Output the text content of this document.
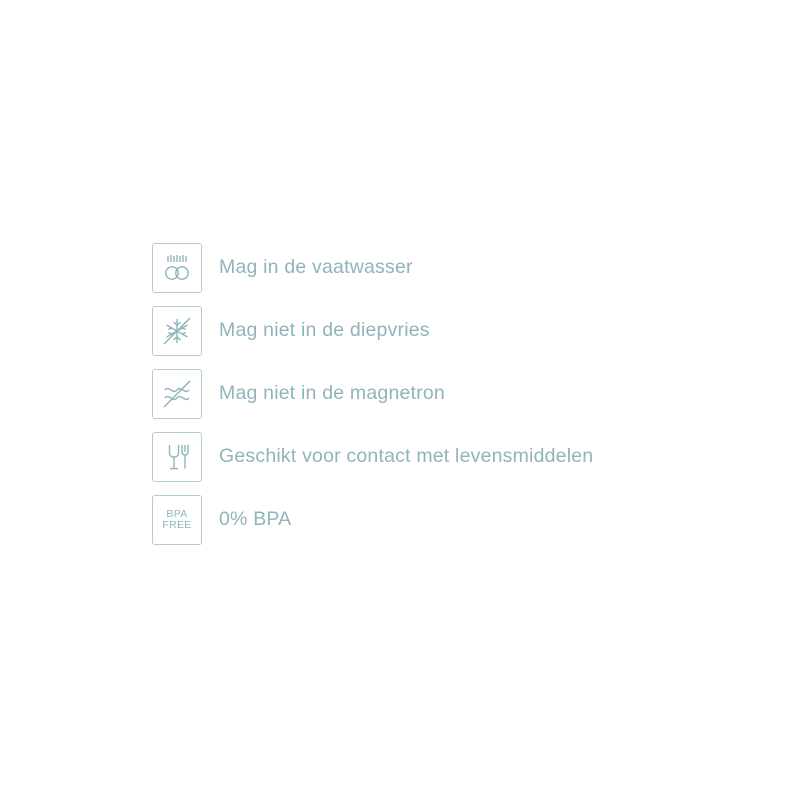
Mag in de vaatwasser
Mag niet in de diepvries
Mag niet in de magnetron
Geschikt voor contact met levensmiddelen
BPA
FREE 0% BPA
